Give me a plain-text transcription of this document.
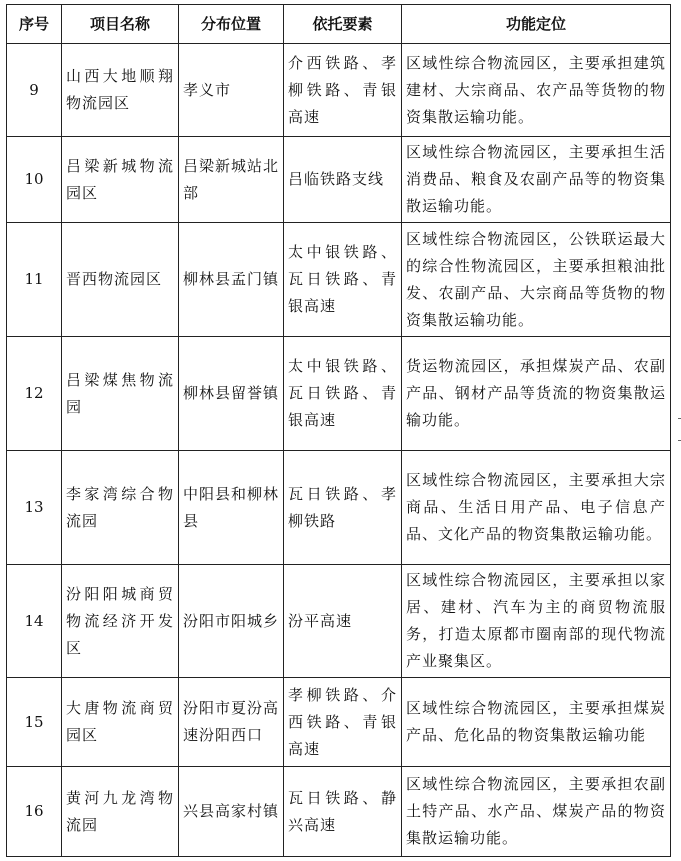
序号	项目名称	分布位置	依托要素	功能定位
9	山西大地顺翔物流园区	孝义市	介西铁路、孝柳铁路、青银高速	区域性综合物流园区，主要承担建筑建材、大宗商品、农产品等货物的物资集散运输功能。
10	吕梁新城物流园区	吕梁新城站北部	吕临铁路支线	区域性综合物流园区，主要承担生活消费品、粮食及农副产品等的物资集散运输功能。
11	晋西物流园区	柳林县孟门镇	太中银铁路、瓦日铁路、青银高速	区域性综合物流园区，公铁联运最大的综合性物流园区，主要承担粮油批发、农副产品、大宗商品等货物的物资集散运输功能。
12	吕梁煤焦物流园	柳林县留誉镇	太中银铁路、瓦日铁路、青银高速	货运物流园区，承担煤炭产品、农副产品、钢材产品等货流的物资集散运输功能。
13	李家湾综合物流园	中阳县和柳林县	瓦日铁路、孝柳铁路	区域性综合物流园区，主要承担大宗商品、生活日用产品、电子信息产品、文化产品的物资集散运输功能。
14	汾阳阳城商贸物流经济开发区	汾阳市阳城乡	汾平高速	区域性综合物流园区，主要承担以家居、建材、汽车为主的商贸物流服务，打造太原都市圈南部的现代物流产业聚集区。
15	大唐物流商贸园区	汾阳市夏汾高速汾阳西口	孝柳铁路、介西铁路、青银高速	区域性综合物流园区，主要承担煤炭产品、危化品的物资集散运输功能
16	黄河九龙湾物流园	兴县高家村镇	瓦日铁路、静兴高速	区域性综合物流园区，主要承担农副土特产品、水产品、煤炭产品的物资集散运输功能。
